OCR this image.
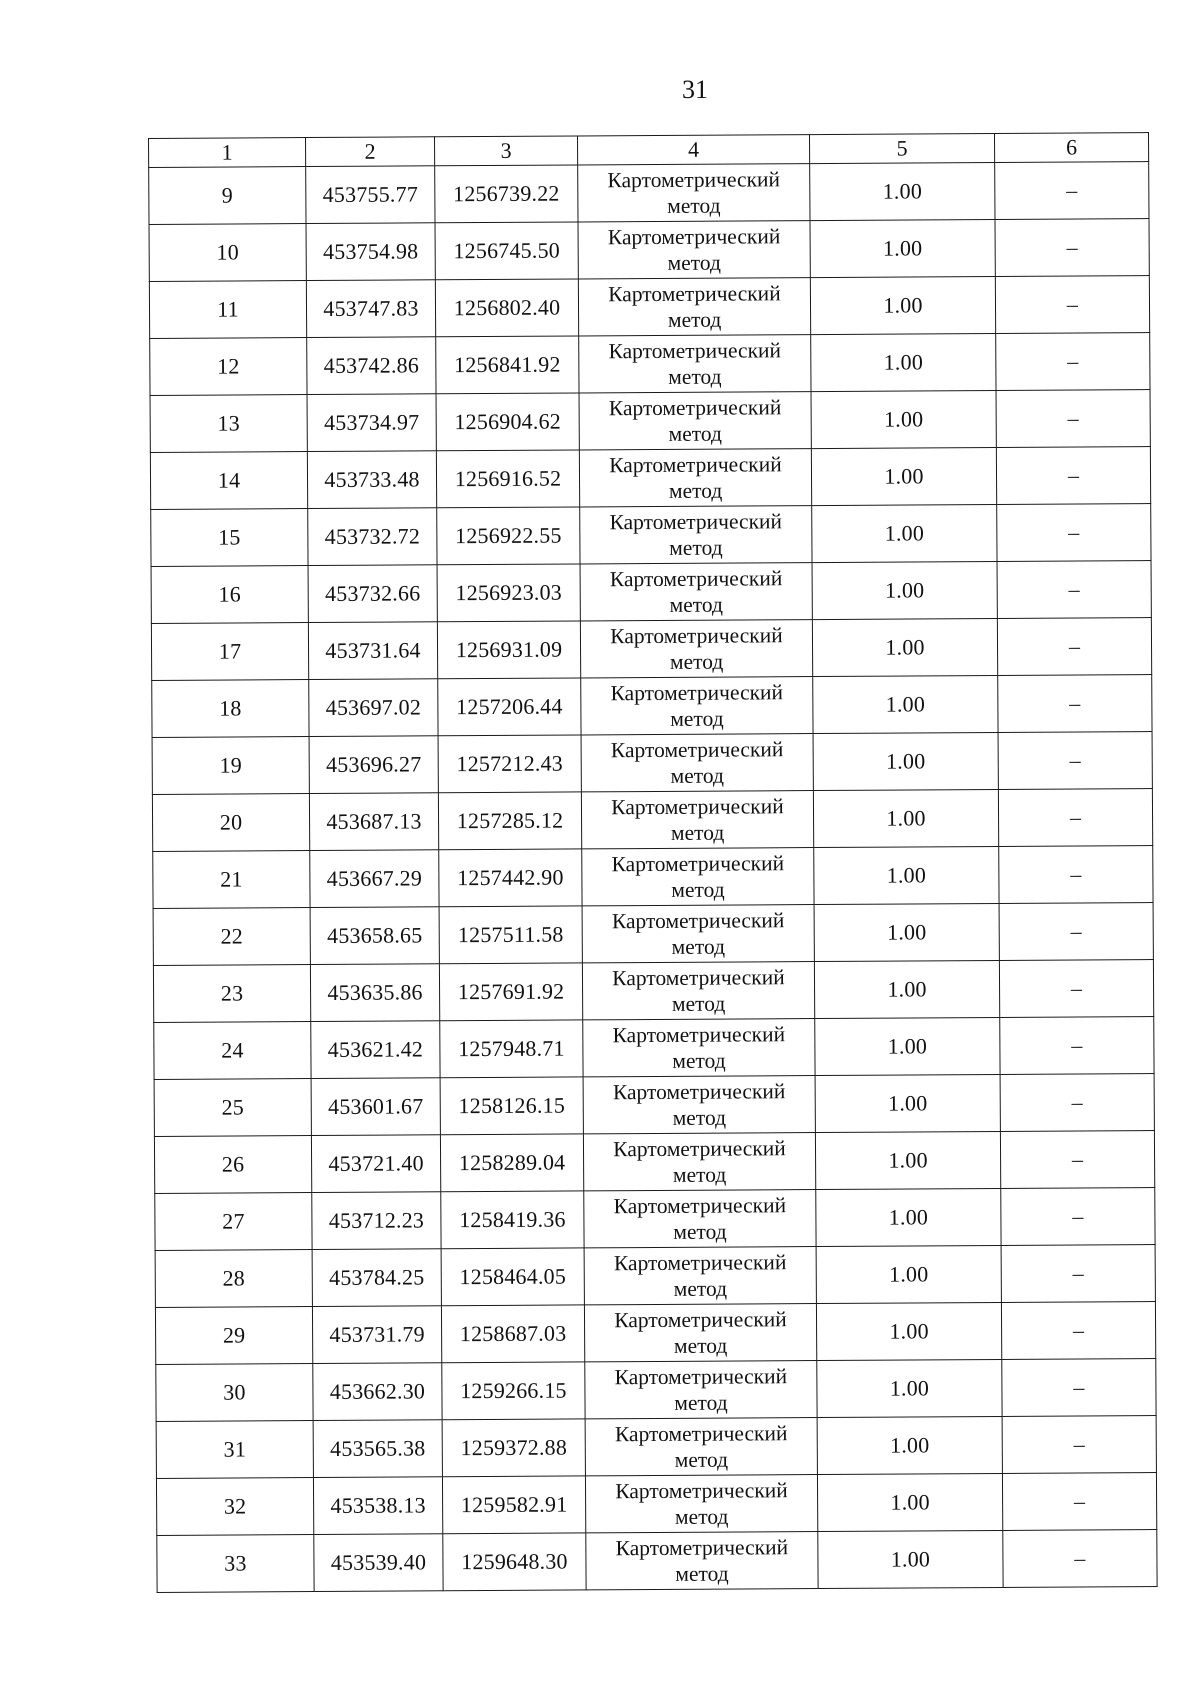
31
1	2	3	4	5	6
9	453755.77	1256739.22	Картометрический метод	1.00	–
10	453754.98	1256745.50	Картометрический метод	1.00	–
11	453747.83	1256802.40	Картометрический метод	1.00	–
12	453742.86	1256841.92	Картометрический метод	1.00	–
13	453734.97	1256904.62	Картометрический метод	1.00	–
14	453733.48	1256916.52	Картометрический метод	1.00	–
15	453732.72	1256922.55	Картометрический метод	1.00	–
16	453732.66	1256923.03	Картометрический метод	1.00	–
17	453731.64	1256931.09	Картометрический метод	1.00	–
18	453697.02	1257206.44	Картометрический метод	1.00	–
19	453696.27	1257212.43	Картометрический метод	1.00	–
20	453687.13	1257285.12	Картометрический метод	1.00	–
21	453667.29	1257442.90	Картометрический метод	1.00	–
22	453658.65	1257511.58	Картометрический метод	1.00	–
23	453635.86	1257691.92	Картометрический метод	1.00	–
24	453621.42	1257948.71	Картометрический метод	1.00	–
25	453601.67	1258126.15	Картометрический метод	1.00	–
26	453721.40	1258289.04	Картометрический метод	1.00	–
27	453712.23	1258419.36	Картометрический метод	1.00	–
28	453784.25	1258464.05	Картометрический метод	1.00	–
29	453731.79	1258687.03	Картометрический метод	1.00	–
30	453662.30	1259266.15	Картометрический метод	1.00	–
31	453565.38	1259372.88	Картометрический метод	1.00	–
32	453538.13	1259582.91	Картометрический метод	1.00	–
33	453539.40	1259648.30	Картометрический метод	1.00	–
